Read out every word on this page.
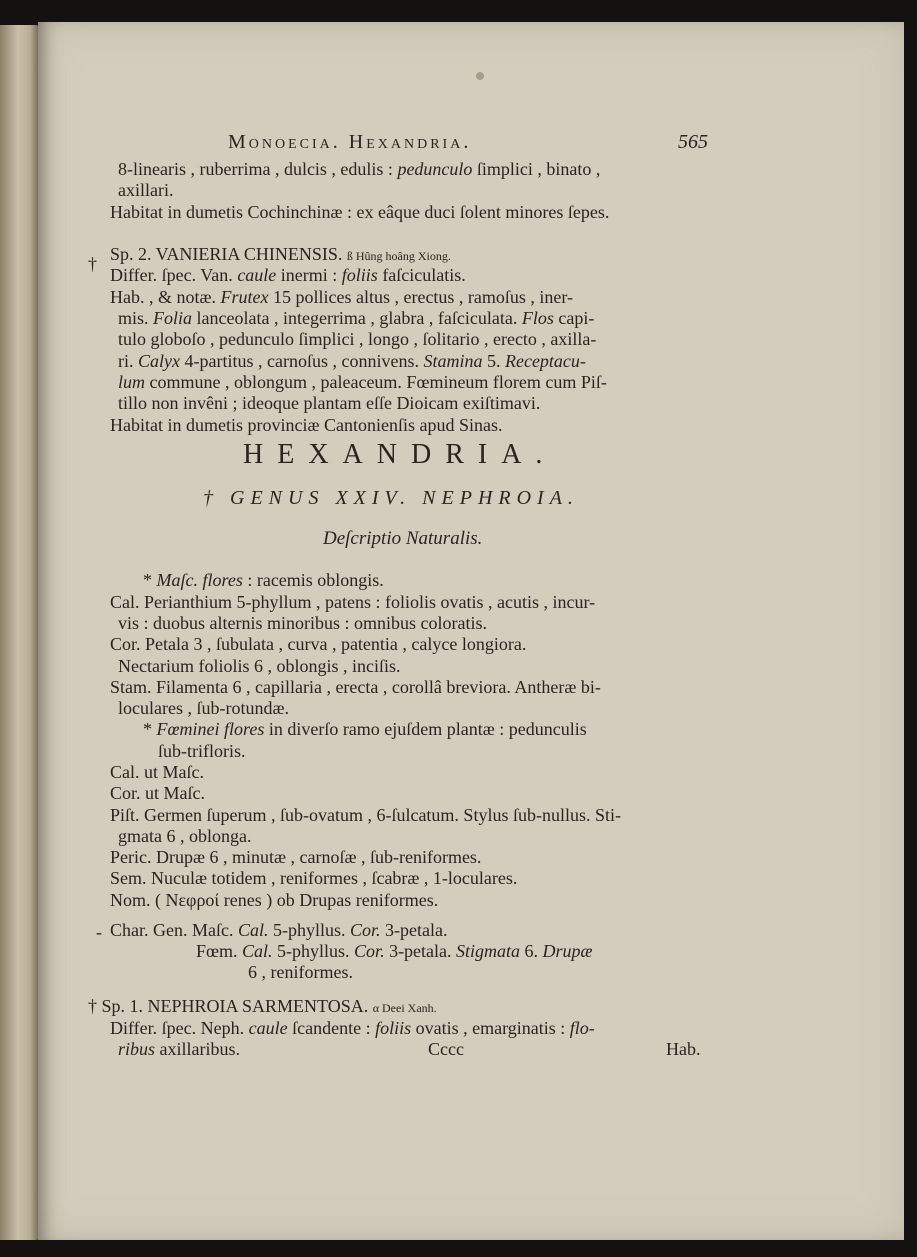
Monoecia. Hexandria.	565
8-linearis , ruberrima , dulcis , edulis : pedunculo ſimplici , binato ,
axillari.
Habitat in dumetis Cochinchinæ : ex eâque duci ſolent minores ſepes.
† Sp. 2. VANIERIA CHINENSIS. ß Hûng hoâng Xiong.
Differ. ſpec. Van. caule inermi : foliis faſciculatis.
Hab. , & notæ. Frutex 15 pollices altus , erectus , ramoſus , iner-
mis. Folia lanceolata , integerrima , glabra , faſciculata. Flos capi-
tulo globoſo , pedunculo ſimplici , longo , ſolitario , erecto , axilla-
ri. Calyx 4-partitus , carnoſus , connivens. Stamina 5. Receptacu-
lum commune , oblongum , paleaceum. Fœmineum florem cum Piſ-
tillo non invêni ; ideoque plantam eſſe Dioicam exiſtimavi.
Habitat in dumetis provinciæ Cantonienſis apud Sinas.
HEXANDRIA.
† GENUS XXIV. NEPHROIA.
Deſcriptio Naturalis.
* Maſc. flores : racemis oblongis.
Cal. Perianthium 5-phyllum , patens : foliolis ovatis , acutis , incur-
vis : duobus alternis minoribus : omnibus coloratis.
Cor. Petala 3 , ſubulata , curva , patentia , calyce longiora.
Nectarium foliolis 6 , oblongis , inciſis.
Stam. Filamenta 6 , capillaria , erecta , corollâ breviora. Antheræ bi-
loculares , ſub-rotundæ.
* Fœminei flores in diverſo ramo ejuſdem plantæ : pedunculis
ſub-trifloris.
Cal. ut Maſc.
Cor. ut Maſc.
Piſt. Germen ſuperum , ſub-ovatum , 6-ſulcatum. Stylus ſub-nullus. Sti-
gmata 6 , oblonga.
Peric. Drupæ 6 , minutæ , carnoſæ , ſub-reniformes.
Sem. Nuculæ totidem , reniformes , ſcabræ , 1-loculares.
Nom. ( Νεφροί renes ) ob Drupas reniformes.
- Char. Gen. Maſc. Cal. 5-phyllus. Cor. 3-petala.
Fœm. Cal. 5-phyllus. Cor. 3-petala. Stigmata 6. Drupæ
6 , reniformes.
† Sp. 1. NEPHROIA SARMENTOSA. α Deei Xanh.
Differ. ſpec. Neph. caule ſcandente : foliis ovatis , emarginatis : flo-
ribus axillaribus.	Cccc	Hab.
